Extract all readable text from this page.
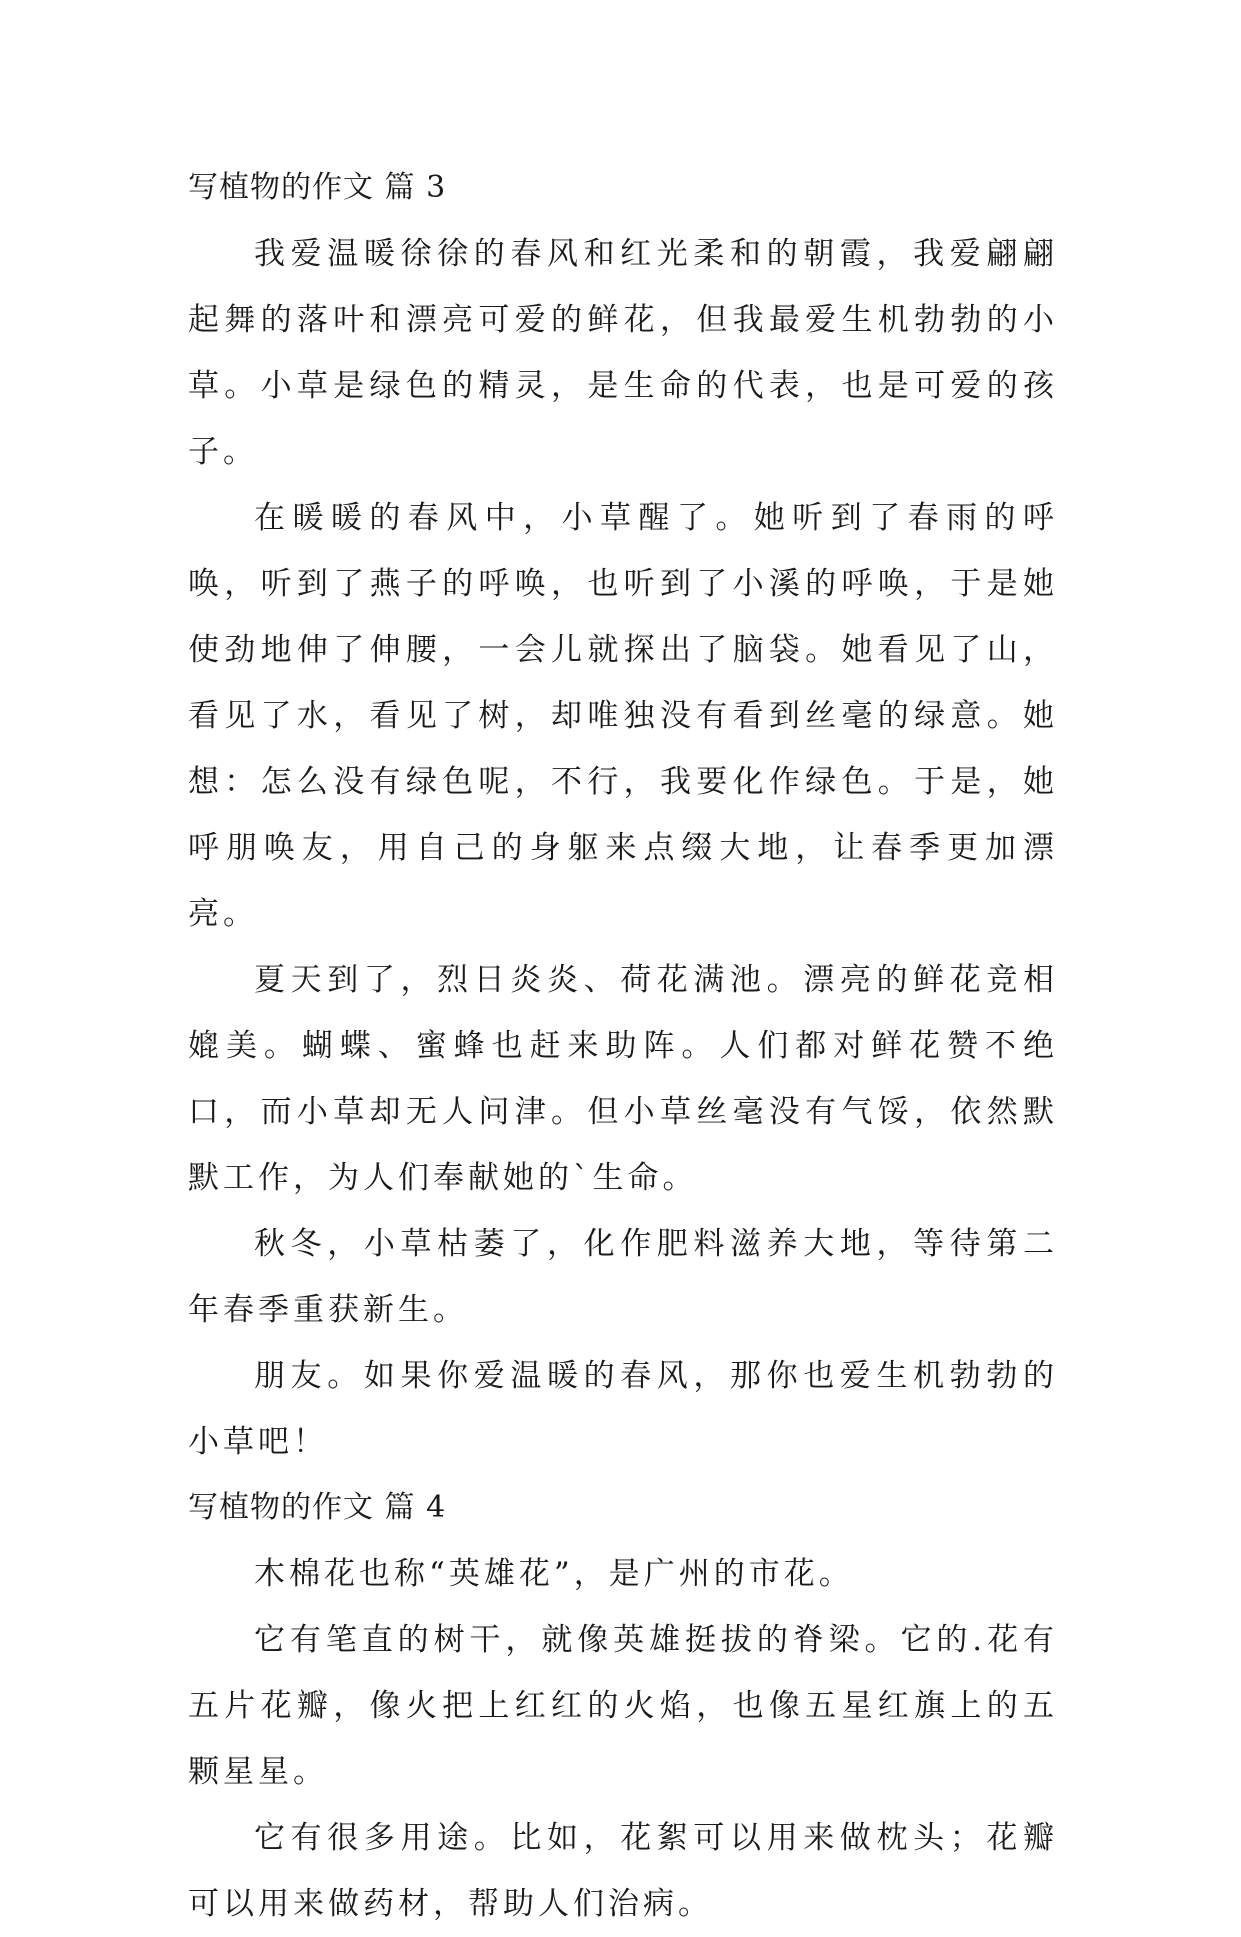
写植物的作文 篇 3

我爱温暖徐徐的春风和红光柔和的朝霞，我爱翩翩起舞的落叶和漂亮可爱的鲜花，但我最爱生机勃勃的小草。小草是绿色的精灵，是生命的代表，也是可爱的孩子。

在暖暖的春风中，小草醒了。她听到了春雨的呼唤，听到了燕子的呼唤，也听到了小溪的呼唤，于是她使劲地伸了伸腰，一会儿就探出了脑袋。她看见了山，看见了水，看见了树，却唯独没有看到丝毫的绿意。她想：怎么没有绿色呢，不行，我要化作绿色。于是，她呼朋唤友，用自己的身躯来点缀大地，让春季更加漂亮。

夏天到了，烈日炎炎、荷花满池。漂亮的鲜花竞相媲美。蝴蝶、蜜蜂也赶来助阵。人们都对鲜花赞不绝口，而小草却无人问津。但小草丝毫没有气馁，依然默默工作，为人们奉献她的`生命。

秋冬，小草枯萎了，化作肥料滋养大地，等待第二年春季重获新生。

朋友。如果你爱温暖的春风，那你也爱生机勃勃的小草吧！

写植物的作文 篇 4

木棉花也称“英雄花”，是广州的市花。

它有笔直的树干，就像英雄挺拔的脊梁。它的.花有五片花瓣，像火把上红红的火焰，也像五星红旗上的五颗星星。

它有很多用途。比如，花絮可以用来做枕头；花瓣可以用来做药材，帮助人们治病。
